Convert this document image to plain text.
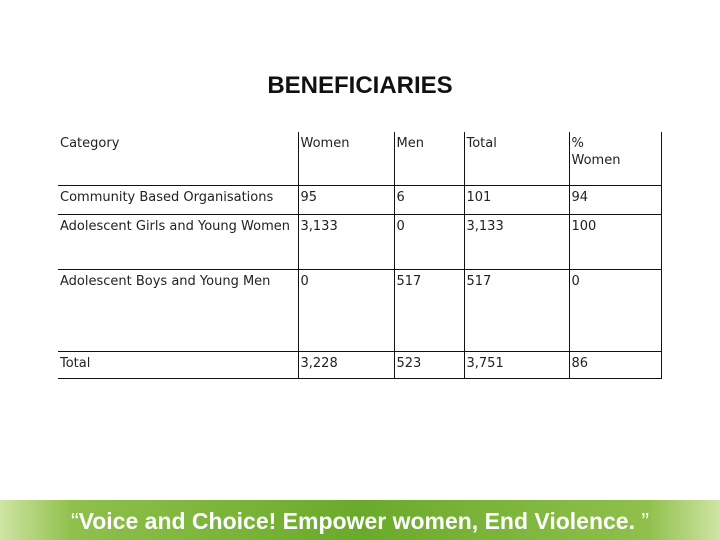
BENEFICIARIES
Category	Women	Men	Total	% Women
Community Based Organisations	95	6	101	94
Adolescent Girls and Young Women	3,133	0	3,133	100
Adolescent Boys and Young Men	0	517	517	0
Total	3,228	523	3,751	86
“Voice and Choice! Empower women, End Violence. ”
